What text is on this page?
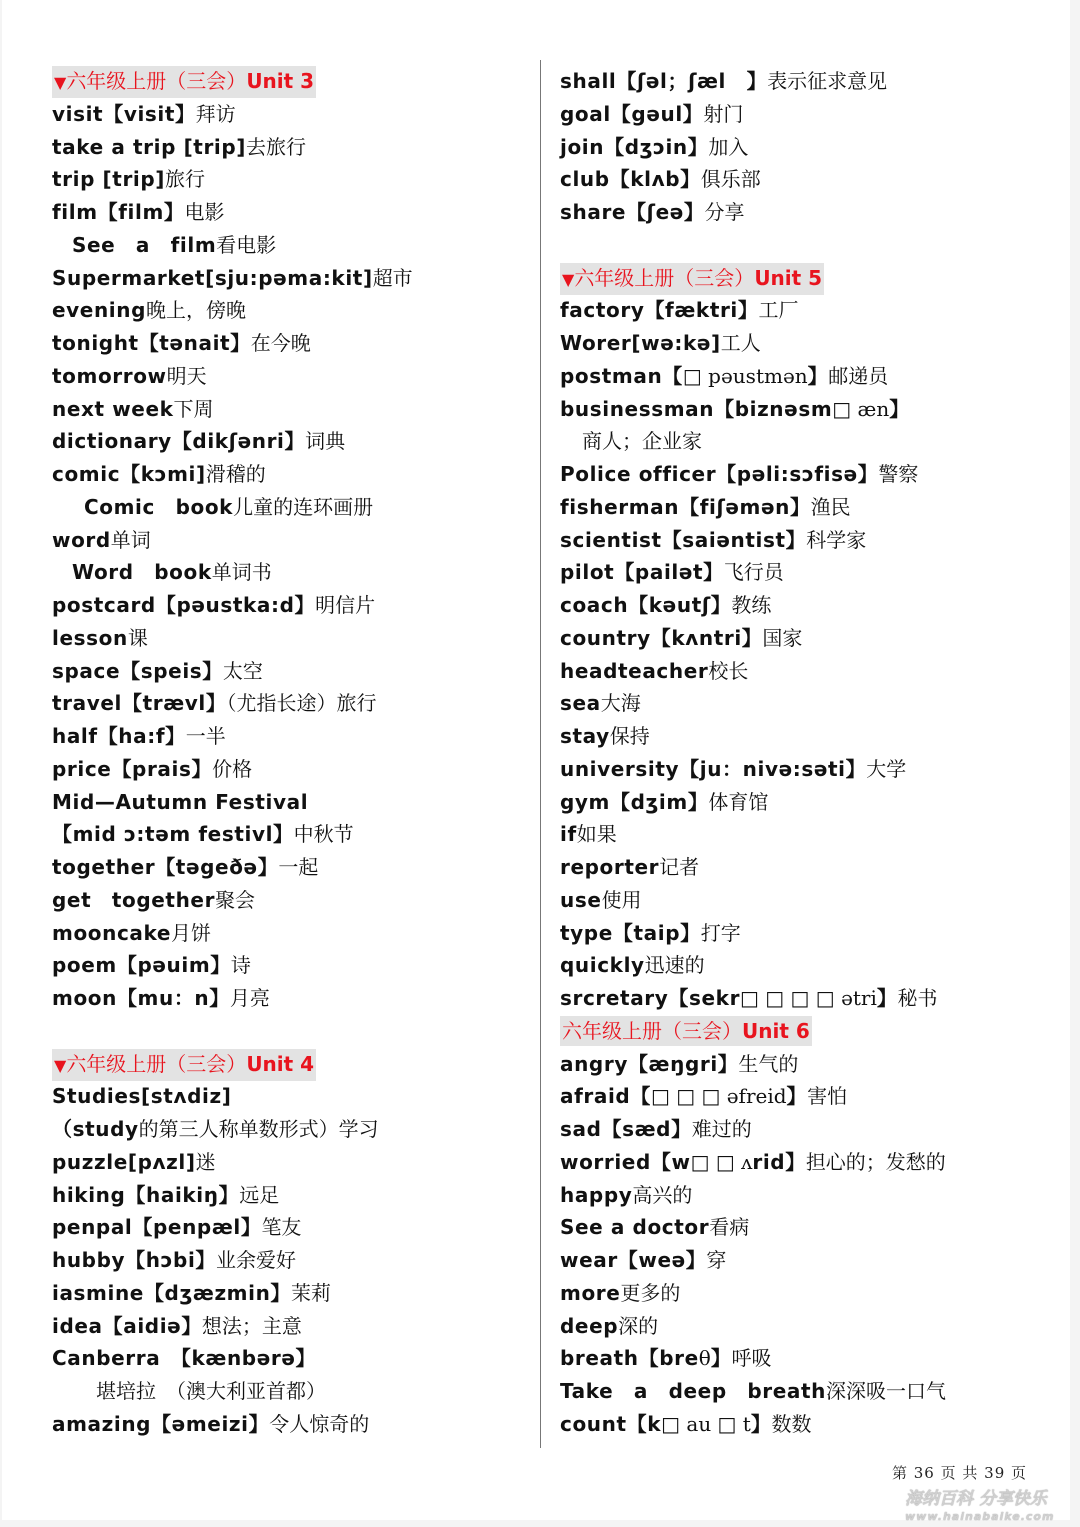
▼六年级上册（三会）Unit 3
visit【visit】拜访
take a trip [trip]去旅行
trip [trip]旅行
film【film】电影
See　a　film看电影
Supermarket[sju:pəma:kit]超市
evening晚上，傍晚
tonight【tənait】在今晚
tomorrow明天
next week下周
dictionary【dikʃənri】词典
comic【kɔmi]滑稽的
Comic　book儿童的连环画册
word单词
Word　book单词书
postcard【pəustka:d】明信片
lesson课
space【speis】太空
travel【trævl】（尤指长途）旅行
half【ha:f】一半
price【prais】价格
Mid—Autumn Festival
【mid ɔ:təm festivl】中秋节
together【təgeðə】一起
get　together聚会
mooncake月饼
poem【pəuim】诗
moon【mu：n】月亮
▼六年级上册（三会）Unit 4
Studies[stʌdiz]
（study的第三人称单数形式）学习
puzzle[pʌzl]迷
hiking【haikiŋ】远足
penpal【penpæl】笔友
hubby【hɔbi】业余爱好
iasmine【dʒæzmin】茉莉
idea【aidiə】想法；主意
Canberra　【kænbərə】
堪培拉　（澳大利亚首都）
amazing【əmeizi】令人惊奇的
shall【ʃəl；ʃæl　】表示征求意见
goal【gəul】射门
join【dʒɔin】加入
club【klʌb】俱乐部
share【ʃeə】分享
▼六年级上册（三会）Unit 5
factory【fæktri】工厂
Worer[wə:kə]工人
postman【□ pəustmən】邮递员
businessman【biznəsm□ æn】
商人；企业家
Police officer【pəli:sɔfisə】警察
fisherman【fiʃəmən】渔民
scientist【saiəntist】科学家
pilot【pailət】飞行员
coach【kəutʃ】教练
country【kʌntri】国家
headteacher校长
sea大海
stay保持
university【ju：nivə:səti】大学
gym【dʒim】体育馆
if如果
reporter记者
use使用
type【taip】打字
quickly迅速的
srcretary【sekr□ □ □ □ ətri】秘书
六年级上册（三会）Unit 6
angry【æŋgri】生气的
afraid【□ □ □ əfreid】害怕
sad【sæd】难过的
worried【w□ □ ʌrid】担心的；发愁的
happy高兴的
See a doctor看病
wear【weə】穿
more更多的
deep深的
breath【breθ】呼吸
Take　a　deep　breath深深吸一口气
count【k□ au □ t】数数
第 36 页 共 39 页
海纳百科 分享快乐
www.hainabaike.com
